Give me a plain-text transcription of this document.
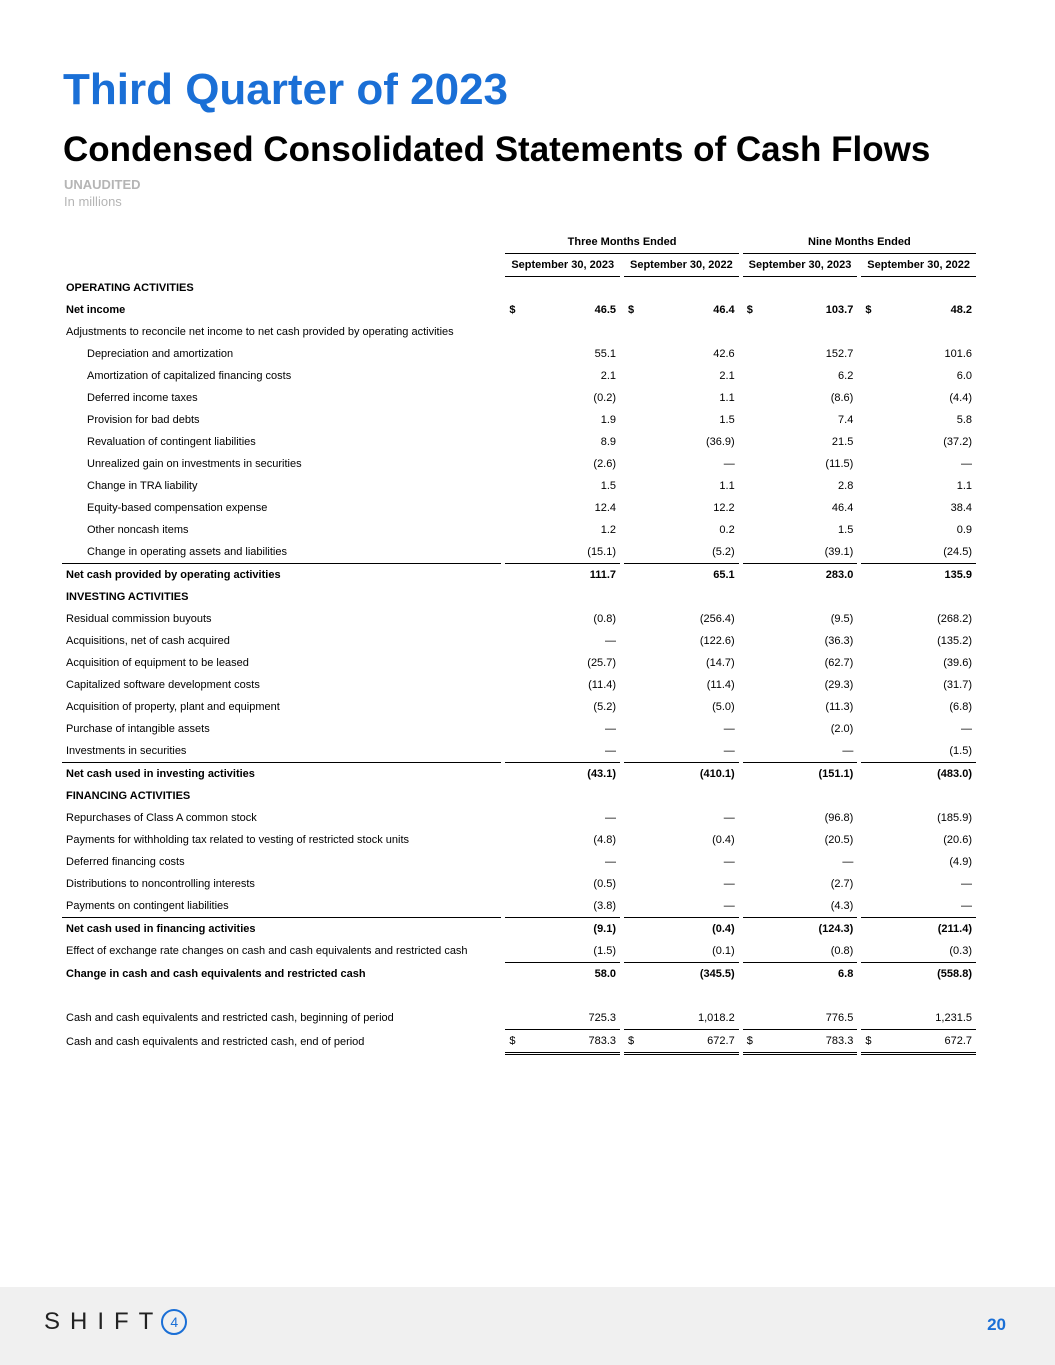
Third Quarter of 2023
Condensed Consolidated Statements of Cash Flows
UNAUDITED
In millions
		Three Months Ended				Nine Months Ended		
		September 30, 2023		September 30, 2022		September 30, 2023		September 30, 2022
OPERATING ACTIVITIES								
Net income		$ 46.5		$ 46.4		$ 103.7		$ 48.2
Adjustments to reconcile net income to net cash provided by operating activities								
Depreciation and amortization		55.1		42.6		152.7		101.6
Amortization of capitalized financing costs		2.1		2.1		6.2		6.0
Deferred income taxes		(0.2)		1.1		(8.6)		(4.4)
Provision for bad debts		1.9		1.5		7.4		5.8
Revaluation of contingent liabilities		8.9		(36.9)		21.5		(37.2)
Unrealized gain on investments in securities		(2.6)		—		(11.5)		—
Change in TRA liability		1.5		1.1		2.8		1.1
Equity-based compensation expense		12.4		12.2		46.4		38.4
Other noncash items		1.2		0.2		1.5		0.9
Change in operating assets and liabilities		(15.1)		(5.2)		(39.1)		(24.5)
Net cash provided by operating activities		111.7		65.1		283.0		135.9
INVESTING ACTIVITIES								
Residual commission buyouts		(0.8)		(256.4)		(9.5)		(268.2)
Acquisitions, net of cash acquired		—		(122.6)		(36.3)		(135.2)
Acquisition of equipment to be leased		(25.7)		(14.7)		(62.7)		(39.6)
Capitalized software development costs		(11.4)		(11.4)		(29.3)		(31.7)
Acquisition of property, plant and equipment		(5.2)		(5.0)		(11.3)		(6.8)
Purchase of intangible assets		—		—		(2.0)		—
Investments in securities		—		—		—		(1.5)
Net cash used in investing activities		(43.1)		(410.1)		(151.1)		(483.0)
FINANCING ACTIVITIES								
Repurchases of Class A common stock		—		—		(96.8)		(185.9)
Payments for withholding tax related to vesting of restricted stock units		(4.8)		(0.4)		(20.5)		(20.6)
Deferred financing costs		—		—		—		(4.9)
Distributions to noncontrolling interests		(0.5)		—		(2.7)		—
Payments on contingent liabilities		(3.8)		—		(4.3)		—
Net cash used in financing activities		(9.1)		(0.4)		(124.3)		(211.4)
Effect of exchange rate changes on cash and cash equivalents and restricted cash		(1.5)		(0.1)		(0.8)		(0.3)
Change in cash and cash equivalents and restricted cash		58.0		(345.5)		6.8		(558.8)

Cash and cash equivalents and restricted cash, beginning of period		725.3		1,018.2		776.5		1,231.5
Cash and cash equivalents and restricted cash, end of period		$ 783.3		$ 672.7		$ 783.3		$ 672.7
SHIFT 4	20
